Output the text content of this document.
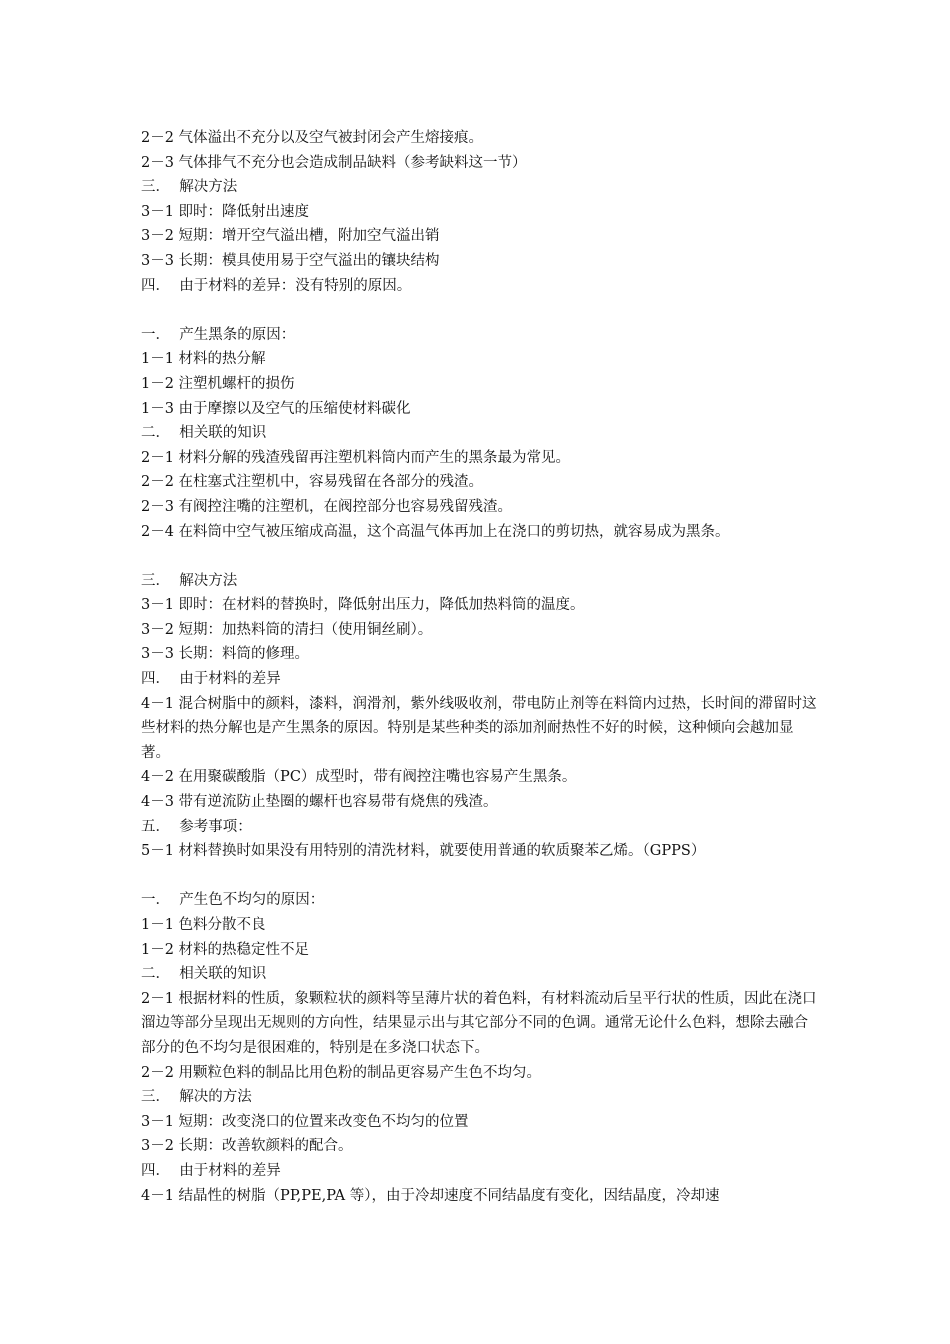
2－2 气体溢出不充分以及空气被封闭会产生熔接痕。

2－3 气体排气不充分也会造成制品缺料（参考缺料这一节）

三．  解决方法

3－1 即时：降低射出速度

3－2 短期：增开空气溢出槽，附加空气溢出销

3－3 长期：模具使用易于空气溢出的镶块结构

四．  由于材料的差异：没有特别的原因。

一．  产生黑条的原因：

1－1 材料的热分解

1－2 注塑机螺杆的损伤

1－3 由于摩擦以及空气的压缩使材料碳化

二．  相关联的知识

2－1 材料分解的残渣残留再注塑机料筒内而产生的黑条最为常见。

2－2 在柱塞式注塑机中，容易残留在各部分的残渣。

2－3 有阀控注嘴的注塑机，在阀控部分也容易残留残渣。

2－4 在料筒中空气被压缩成高温，这个高温气体再加上在浇口的剪切热，就容易成为黑条。

三．  解决方法

3－1 即时：在材料的替换时，降低射出压力，降低加热料筒的温度。

3－2 短期：加热料筒的清扫（使用铜丝刷）。

3－3 长期：料筒的修理。

四．  由于材料的差异

4－1 混合树脂中的颜料，漆料，润滑剂，紫外线吸收剂，带电防止剂等在料筒内过热，长时间的滞留时这些材料的热分解也是产生黑条的原因。特别是某些种类的添加剂耐热性不好的时候，这种倾向会越加显著。

4－2 在用聚碳酸脂（PC）成型时，带有阀控注嘴也容易产生黑条。

4－3 带有逆流防止垫圈的螺杆也容易带有烧焦的残渣。

五．  参考事项：

5－1 材料替换时如果没有用特别的清洗材料，就要使用普通的软质聚苯乙烯。（GPPS）

一．  产生色不均匀的原因：

1－1 色料分散不良

1－2 材料的热稳定性不足

二．  相关联的知识

2－1 根据材料的性质，象颗粒状的颜料等呈薄片状的着色料，有材料流动后呈平行状的性质，因此在浇口溜边等部分呈现出无规则的方向性，结果显示出与其它部分不同的色调。通常无论什么色料，想除去融合部分的色不均匀是很困难的，特别是在多浇口状态下。

2－2 用颗粒色料的制品比用色粉的制品更容易产生色不均匀。

三．  解决的方法

3－1 短期：改变浇口的位置来改变色不均匀的位置

3－2 长期：改善软颜料的配合。

四．  由于材料的差异

4－1 结晶性的树脂（PP,PE,PA 等），由于冷却速度不同结晶度有变化，因结晶度，冷却速
